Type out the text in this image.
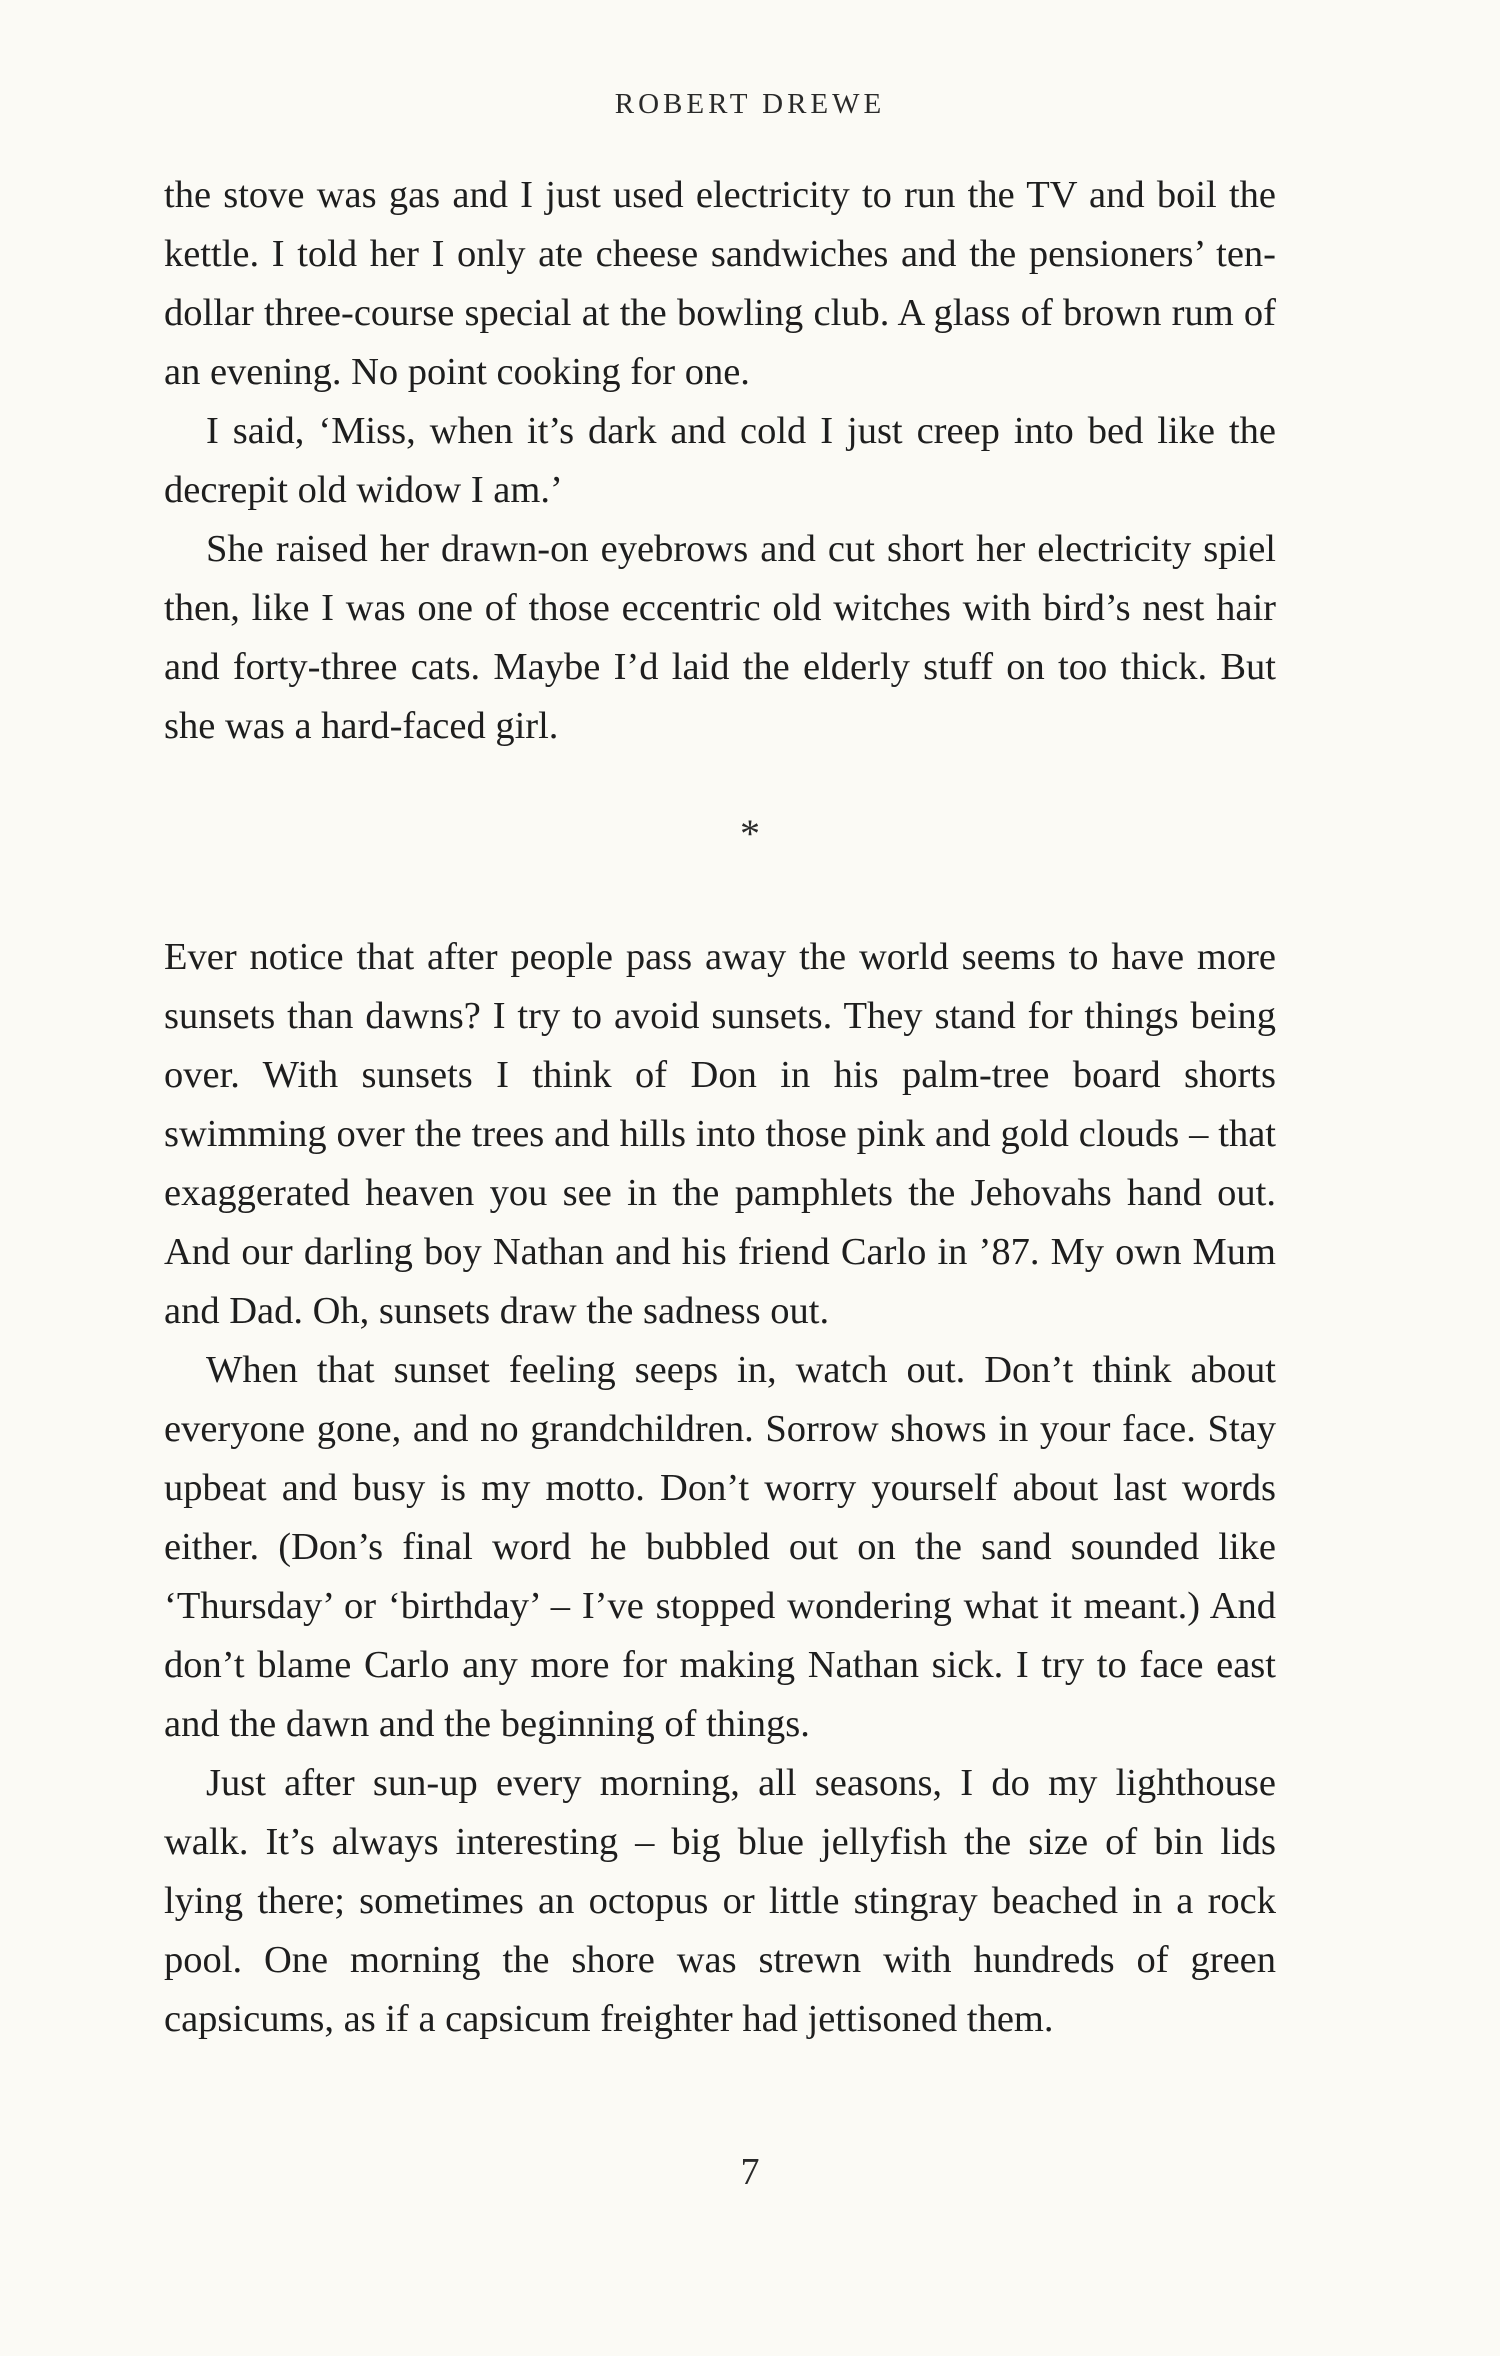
ROBERT DREWE

the stove was gas and I just used electricity to run the TV and boil the kettle. I told her I only ate cheese sandwiches and the pensioners’ ten-dollar three-course special at the bowling club. A glass of brown rum of an evening. No point cooking for one.

I said, ‘Miss, when it’s dark and cold I just creep into bed like the decrepit old widow I am.’

She raised her drawn-on eyebrows and cut short her electricity spiel then, like I was one of those eccentric old witches with bird’s nest hair and forty-three cats. Maybe I’d laid the elderly stuff on too thick. But she was a hard-faced girl.

*

Ever notice that after people pass away the world seems to have more sunsets than dawns? I try to avoid sunsets. They stand for things being over. With sunsets I think of Don in his palm-tree board shorts swimming over the trees and hills into those pink and gold clouds – that exaggerated heaven you see in the pamphlets the Jehovahs hand out. And our darling boy Nathan and his friend Carlo in ’87. My own Mum and Dad. Oh, sunsets draw the sadness out.

When that sunset feeling seeps in, watch out. Don’t think about everyone gone, and no grandchildren. Sorrow shows in your face. Stay upbeat and busy is my motto. Don’t worry yourself about last words either. (Don’s final word he bubbled out on the sand sounded like ‘Thursday’ or ‘birthday’ – I’ve stopped wondering what it meant.) And don’t blame Carlo any more for making Nathan sick. I try to face east and the dawn and the beginning of things.

Just after sun-up every morning, all seasons, I do my lighthouse walk. It’s always interesting – big blue jellyfish the size of bin lids lying there; sometimes an octopus or little stingray beached in a rock pool. One morning the shore was strewn with hundreds of green capsicums, as if a capsicum freighter had jettisoned them.

7
